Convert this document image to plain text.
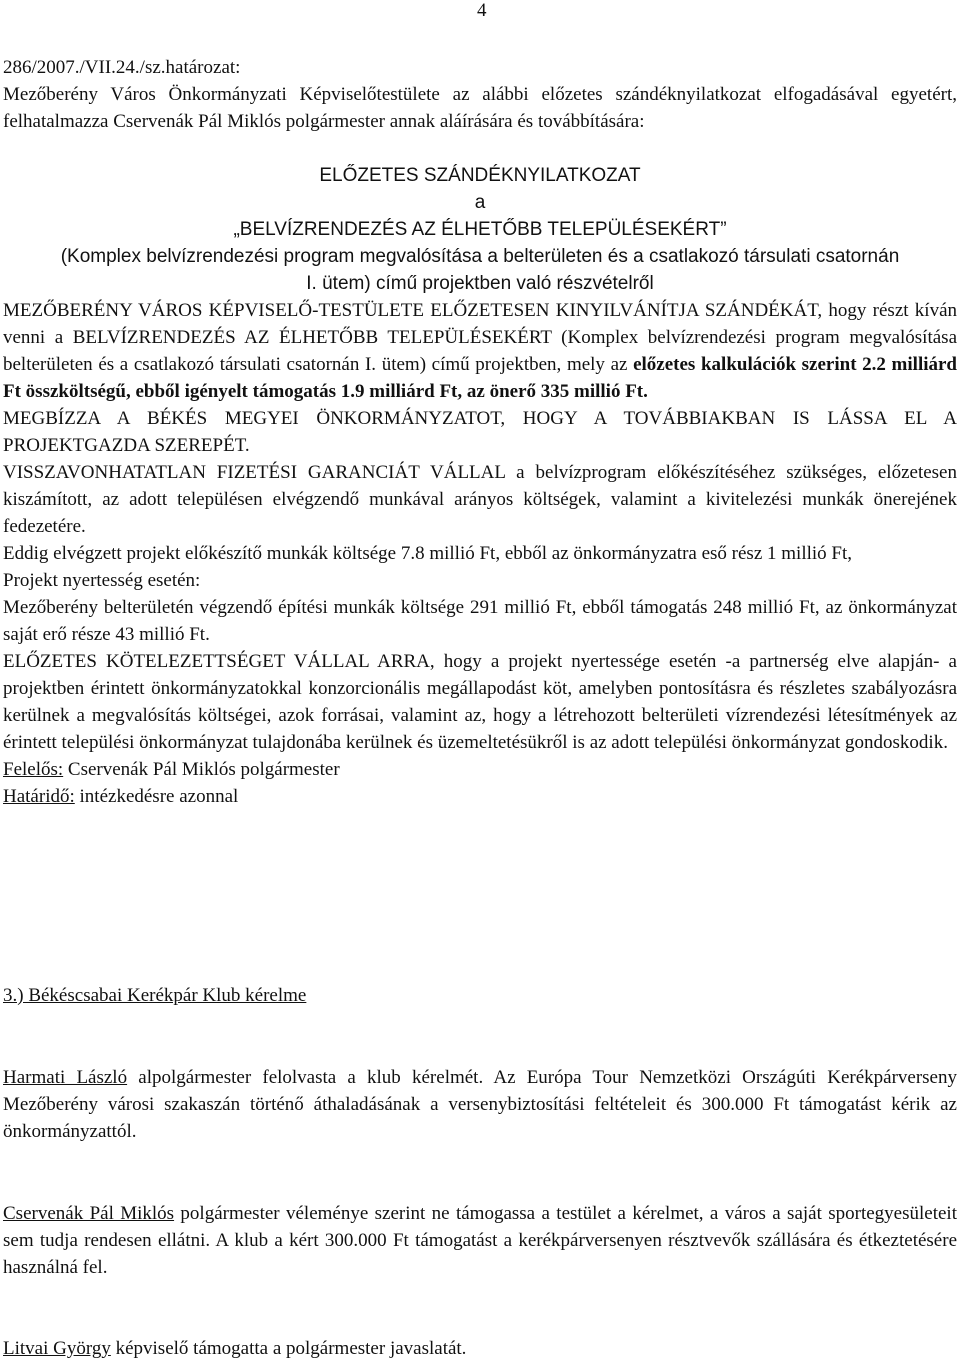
4

286/2007./VII.24./sz.határozat:

Mezőberény Város Önkormányzati Képviselőtestülete az alábbi előzetes szándéknyilatkozat elfogadásával egyetért, felhatalmazza Cservenák Pál Miklós polgármester annak aláírására és továbbítására:

ELŐZETES SZÁNDÉKNYILATKOZAT

a

„BELVÍZRENDEZÉS AZ ÉLHETŐBB TELEPÜLÉSEKÉRT”

(Komplex belvízrendezési program megvalósítása a belterületen és a csatlakozó társulati csatornán

I. ütem) című projektben való részvételről

MEZŐBERÉNY VÁROS KÉPVISELŐ-TESTÜLETE ELŐZETESEN KINYILVÁNÍTJA SZÁNDÉKÁT, hogy részt kíván venni a BELVÍZRENDEZÉS AZ ÉLHETŐBB TELEPÜLÉSEKÉRT (Komplex belvízrendezési program megvalósítása belterületen és a csatlakozó társulati csatornán I. ütem) című projektben, mely az előzetes kalkulációk szerint 2.2 milliárd Ft összköltségű, ebből igényelt támogatás 1.9 milliárd Ft, az önerő 335 millió Ft.

MEGBÍZZA A BÉKÉS MEGYEI ÖNKORMÁNYZATOT, HOGY A TOVÁBBIAKBAN IS LÁSSA EL A PROJEKTGAZDA SZEREPÉT.

VISSZAVONHATATLAN FIZETÉSI GARANCIÁT VÁLLAL a belvízprogram előkészítéséhez szükséges, előzetesen kiszámított, az adott településen elvégzendő munkával arányos költségek, valamint a kivitelezési munkák önerejének fedezetére.

Eddig elvégzett projekt előkészítő munkák költsége 7.8 millió Ft, ebből az önkormányzatra eső rész 1 millió Ft,

Projekt nyertesség esetén:

Mezőberény belterületén végzendő építési munkák költsége 291 millió Ft, ebből támogatás 248 millió Ft, az önkormányzat saját erő része 43 millió Ft.

ELŐZETES KÖTELEZETTSÉGET VÁLLAL ARRA, hogy a projekt nyertessége esetén -a partnerség elve alapján- a projektben érintett önkormányzatokkal konzorcionális megállapodást köt, amelyben pontosításra és részletes szabályozásra kerülnek a megvalósítás költségei, azok forrásai, valamint az, hogy a létrehozott belterületi vízrendezési létesítmények az érintett települési önkormányzat tulajdonába kerülnek és üzemeltetésükről is az adott települési önkormányzat gondoskodik.

Felelős: Cservenák Pál Miklós polgármester

Határidő: intézkedésre azonnal

3.) Békéscsabai Kerékpár Klub kérelme

Harmati László alpolgármester felolvasta a klub kérelmét. Az Európa Tour Nemzetközi Országúti Kerékpárverseny Mezőberény városi szakaszán történő áthaladásának a versenybiztosítási feltételeit és 300.000 Ft támogatást kérik az önkormányzattól.

Cservenák Pál Miklós polgármester véleménye szerint ne támogassa a testület a kérelmet, a város a saját sportegyesületeit sem tudja rendesen ellátni. A klub a kért 300.000 Ft támogatást a kerékpárversenyen résztvevők szállására és étkeztetésére használná fel.

Litvai György képviselő támogatta a polgármester javaslatát.
